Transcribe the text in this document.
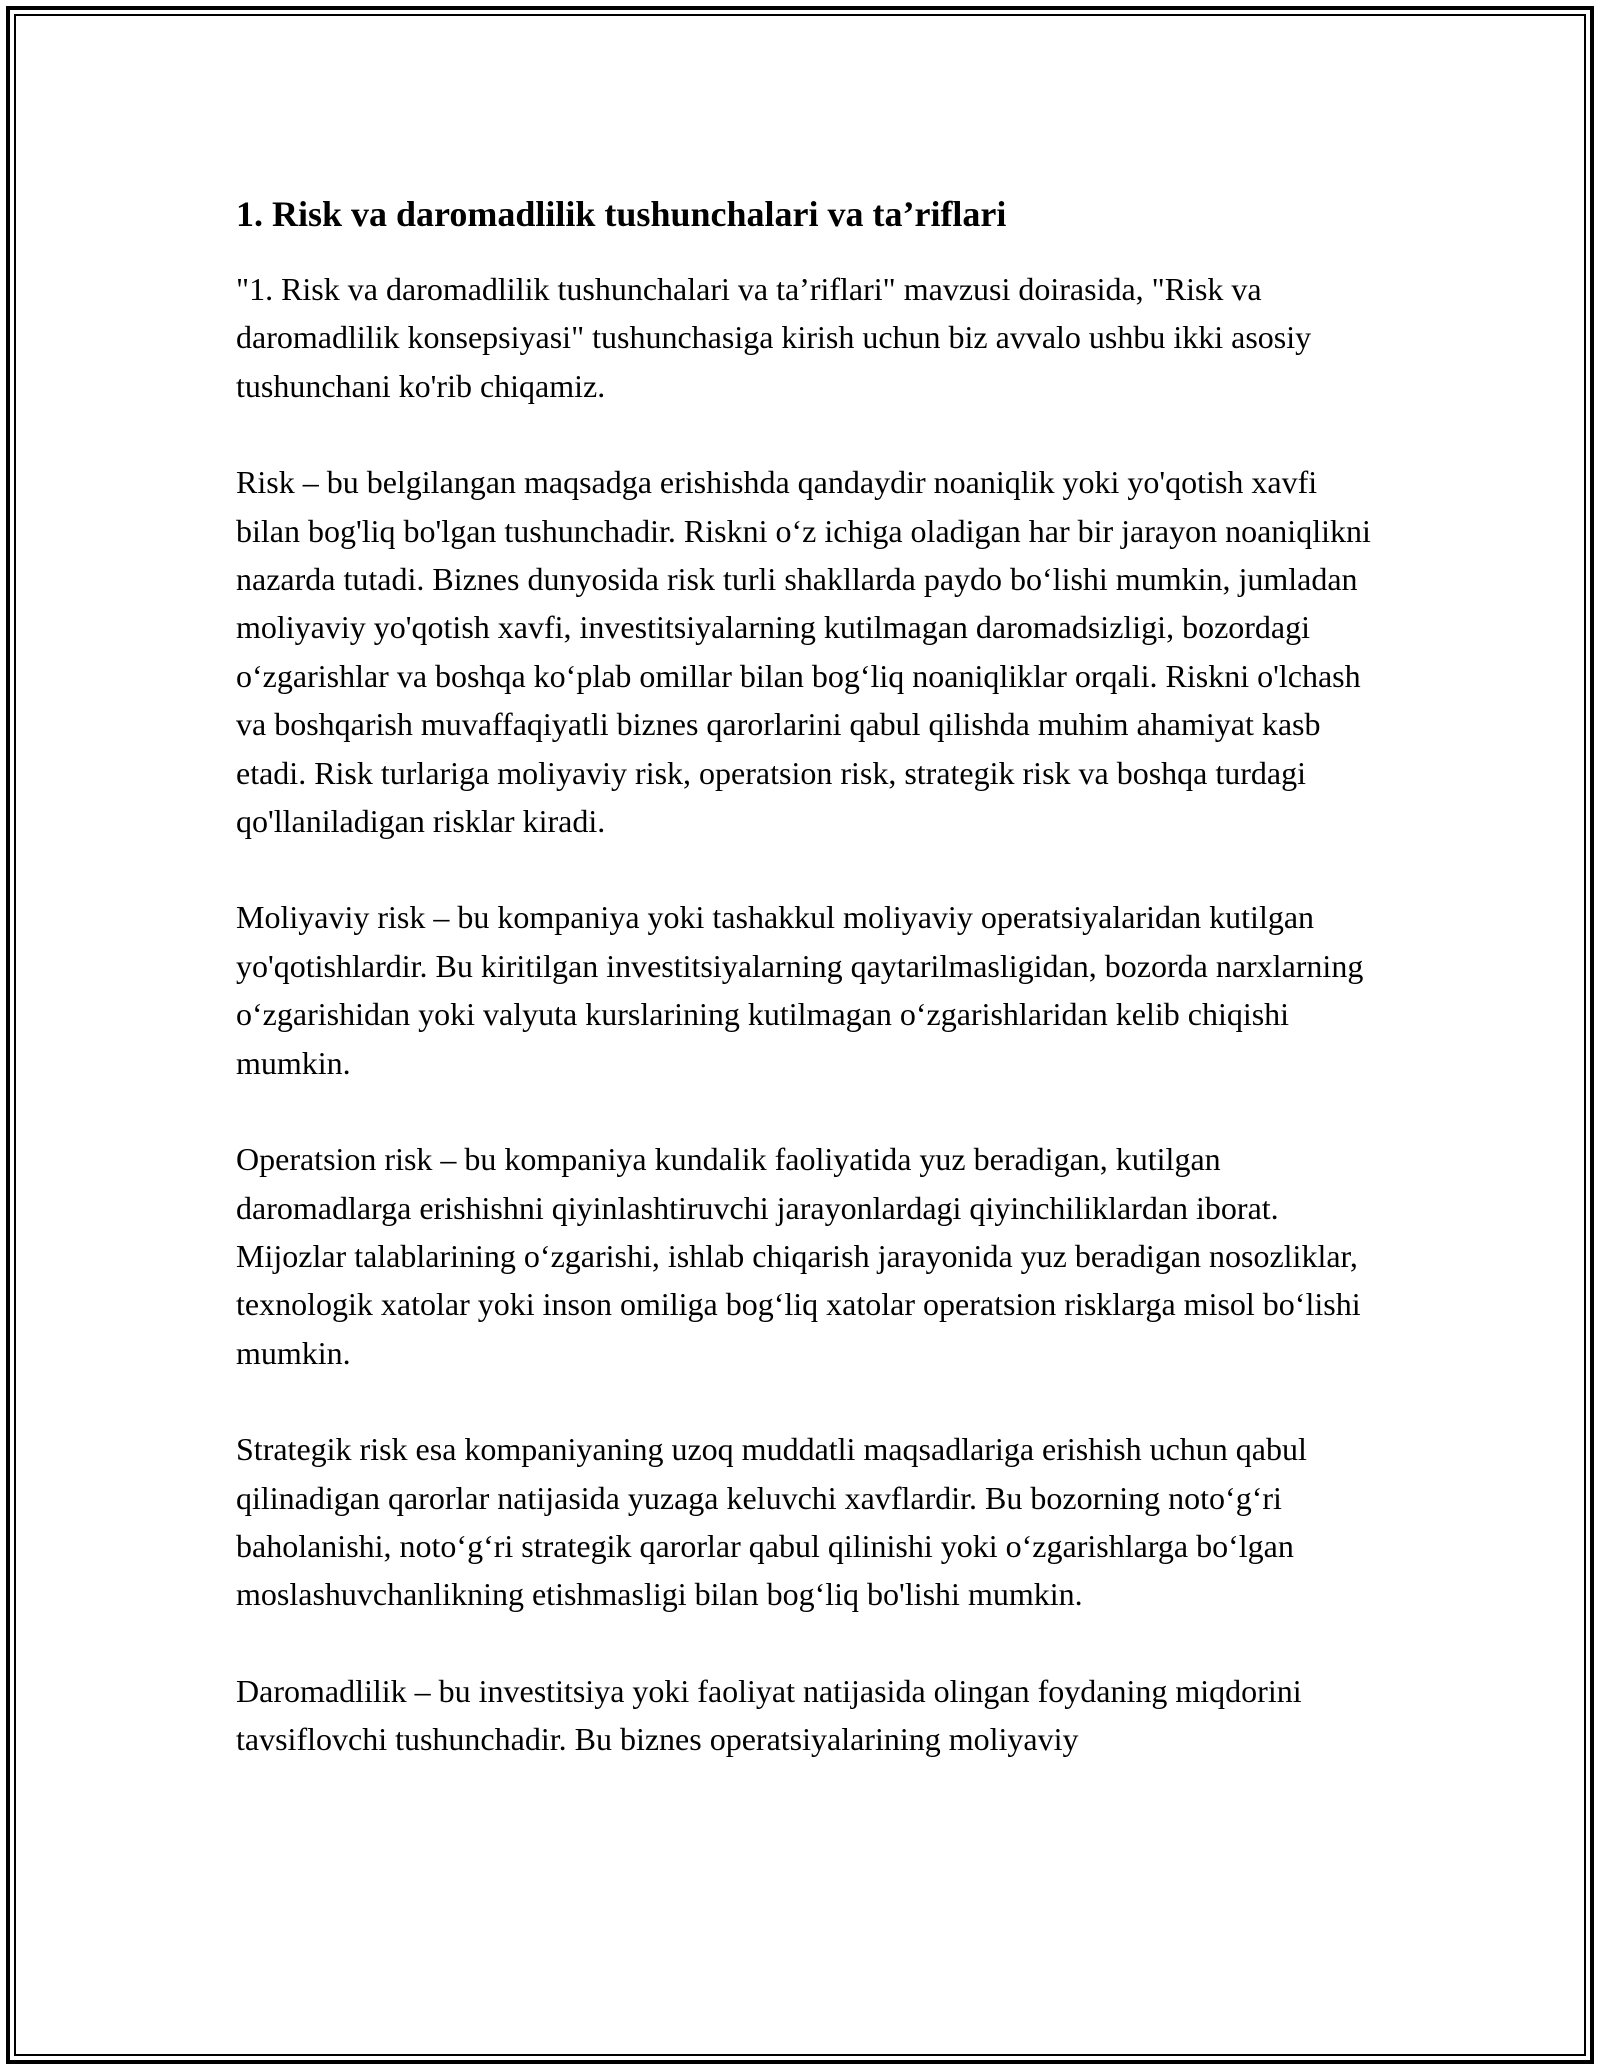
1. Risk va daromadlilik tushunchalari va ta’riflari

"1. Risk va daromadlilik tushunchalari va ta’riflari" mavzusi doirasida, "Risk va daromadlilik konsepsiyasi" tushunchasiga kirish uchun biz avvalo ushbu ikki asosiy tushunchani ko'rib chiqamiz.

Risk – bu belgilangan maqsadga erishishda qandaydir noaniqlik yoki yo'qotish xavfi bilan bog'liq bo'lgan tushunchadir. Riskni oʻz ichiga oladigan har bir jarayon noaniqlikni nazarda tutadi. Biznes dunyosida risk turli shakllarda paydo boʻlishi mumkin, jumladan moliyaviy yo'qotish xavfi, investitsiyalarning kutilmagan daromadsizligi, bozordagi oʻzgarishlar va boshqa koʻplab omillar bilan bogʻliq noaniqliklar orqali. Riskni o'lchash va boshqarish muvaffaqiyatli biznes qarorlarini qabul qilishda muhim ahamiyat kasb etadi. Risk turlariga moliyaviy risk, operatsion risk, strategik risk va boshqa turdagi qo'llaniladigan risklar kiradi.

Moliyaviy risk – bu kompaniya yoki tashakkul moliyaviy operatsiyalaridan kutilgan yo'qotishlardir. Bu kiritilgan investitsiyalarning qaytarilmasligidan, bozorda narxlarning oʻzgarishidan yoki valyuta kurslarining kutilmagan oʻzgarishlaridan kelib chiqishi mumkin.

Operatsion risk – bu kompaniya kundalik faoliyatida yuz beradigan, kutilgan daromadlarga erishishni qiyinlashtiruvchi jarayonlardagi qiyinchiliklardan iborat. Mijozlar talablarining oʻzgarishi, ishlab chiqarish jarayonida yuz beradigan nosozliklar, texnologik xatolar yoki inson omiliga bogʻliq xatolar operatsion risklarga misol boʻlishi mumkin.

Strategik risk esa kompaniyaning uzoq muddatli maqsadlariga erishish uchun qabul qilinadigan qarorlar natijasida yuzaga keluvchi xavflardir. Bu bozorning notoʻgʻri baholanishi, notoʻgʻri strategik qarorlar qabul qilinishi yoki oʻzgarishlarga boʻlgan moslashuvchanlikning etishmasligi bilan bogʻliq bo'lishi mumkin.

Daromadlilik – bu investitsiya yoki faoliyat natijasida olingan foydaning miqdorini tavsiflovchi tushunchadir. Bu biznes operatsiyalarining moliyaviy
